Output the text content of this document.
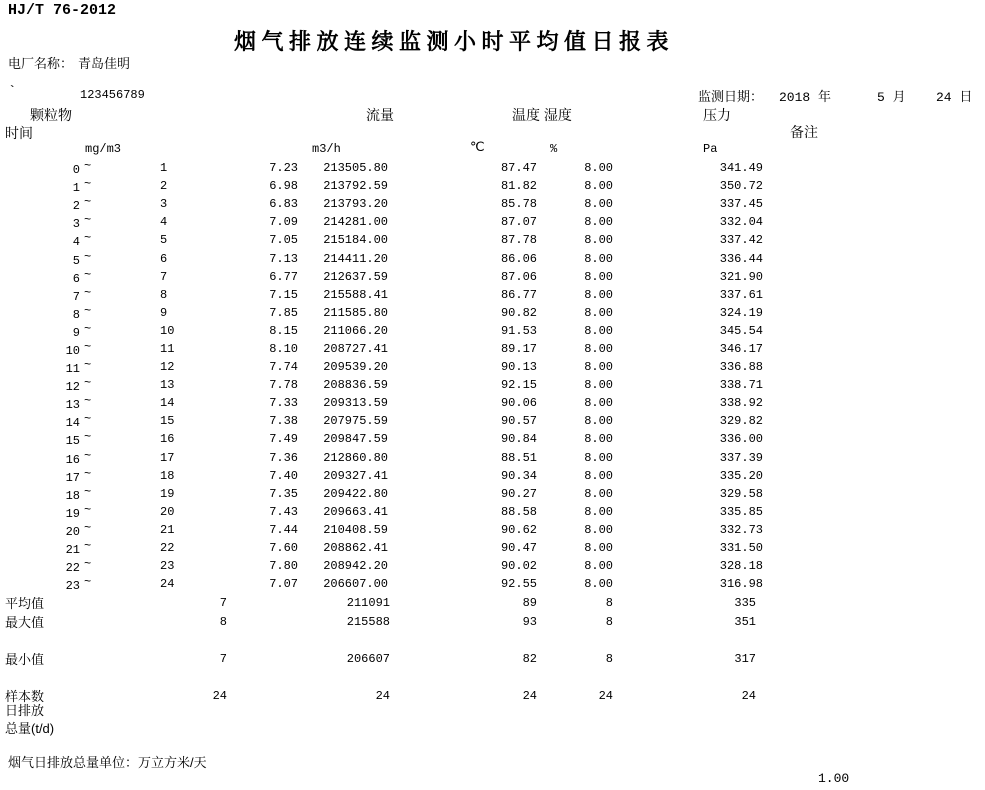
HJ/T 76-2012
烟气排放连续监测小时平均值日报表
电厂名称： 青岛佳明
`	123456789	监测日期： 2018 年	5 月 24 日
颗粒物	流量	温度 湿度	压力
时间	备注
mg/m3	m3/h	℃	%	Pa
0 ~	1	7.23	213505.80	87.47	8.00	341.49
1 ~	2	6.98	213792.59	81.82	8.00	350.72
2 ~	3	6.83	213793.20	85.78	8.00	337.45
3 ~	4	7.09	214281.00	87.07	8.00	332.04
4 ~	5	7.05	215184.00	87.78	8.00	337.42
5 ~	6	7.13	214411.20	86.06	8.00	336.44
6 ~	7	6.77	212637.59	87.06	8.00	321.90
7 ~	8	7.15	215588.41	86.77	8.00	337.61
8 ~	9	7.85	211585.80	90.82	8.00	324.19
9 ~	10	8.15	211066.20	91.53	8.00	345.54
10 ~	11	8.10	208727.41	89.17	8.00	346.17
11 ~	12	7.74	209539.20	90.13	8.00	336.88
12 ~	13	7.78	208836.59	92.15	8.00	338.71
13 ~	14	7.33	209313.59	90.06	8.00	338.92
14 ~	15	7.38	207975.59	90.57	8.00	329.82
15 ~	16	7.49	209847.59	90.84	8.00	336.00
16 ~	17	7.36	212860.80	88.51	8.00	337.39
17 ~	18	7.40	209327.41	90.34	8.00	335.20
18 ~	19	7.35	209422.80	90.27	8.00	329.58
19 ~	20	7.43	209663.41	88.58	8.00	335.85
20 ~	21	7.44	210408.59	90.62	8.00	332.73
21 ~	22	7.60	208862.41	90.47	8.00	331.50
22 ~	23	7.80	208942.20	90.02	8.00	328.18
23 ~	24	7.07	206607.00	92.55	8.00	316.98
平均值	7	211091	89	8	335
最大值	8	215588	93	8	351

最小值	7	206607	82	8	317

样本数	24	24	24	24	24
日排放
总量(t/d)
烟气日排放总量单位：万立方米/天
1.00
